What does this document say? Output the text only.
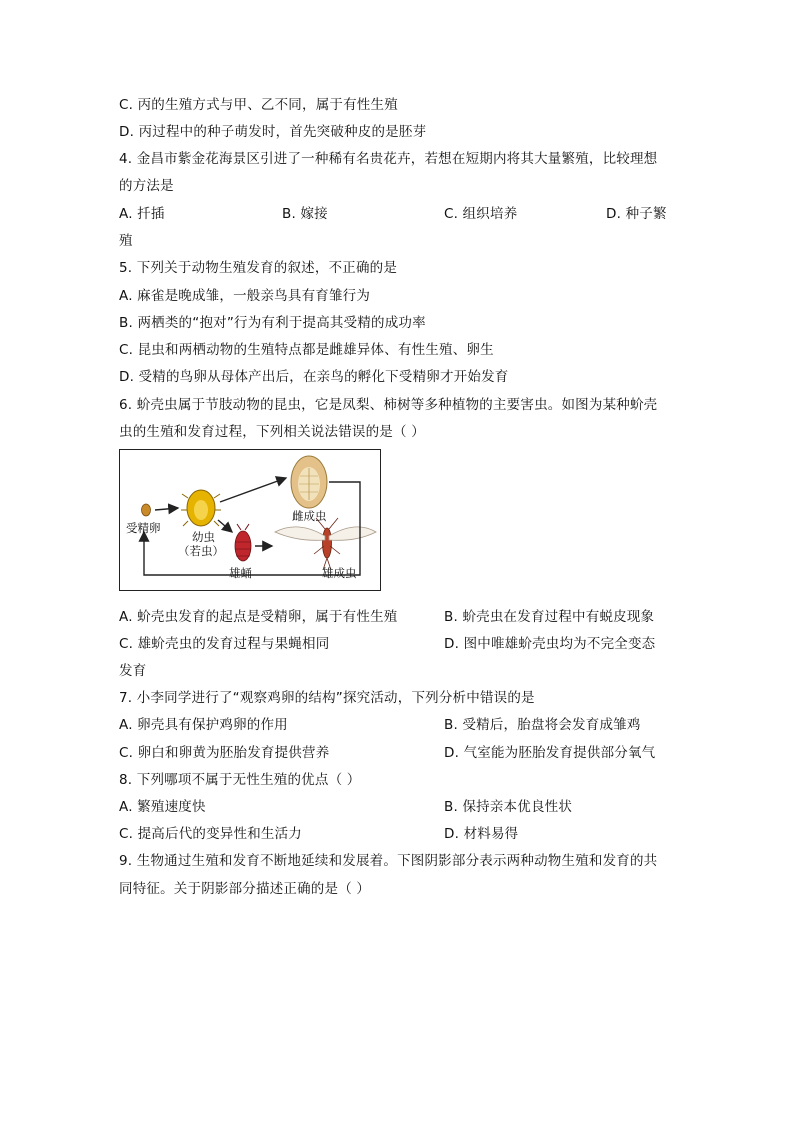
C. 丙的生殖方式与甲、乙不同，属于有性生殖
D. 丙过程中的种子萌发时，首先突破种皮的是胚芽
4. 金昌市紫金花海景区引进了一种稀有名贵花卉，若想在短期内将其大量繁殖，比较理想
的方法是
A. 扦插	B. 嫁接	C. 组织培养	D. 种子繁
殖
5. 下列关于动物生殖发育的叙述，不正确的是
A. 麻雀是晚成雏，一般亲鸟具有育雏行为
B. 两栖类的“抱对”行为有利于提高其受精的成功率
C. 昆虫和两栖动物的生殖特点都是雌雄异体、有性生殖、卵生
D. 受精的鸟卵从母体产出后，在亲鸟的孵化下受精卵才开始发育
6. 蚧壳虫属于节肢动物的昆虫，它是凤梨、柿树等多种植物的主要害虫。如图为某种蚧壳
虫的生殖和发育过程，下列相关说法错误的是（ ）
受精卵
幼虫
（若虫）
雄蛹
雌成虫
雄成虫
A. 蚧壳虫发育的起点是受精卵，属于有性生殖	B. 蚧壳虫在发育过程中有蜕皮现象
C. 雄蚧壳虫的发育过程与果蝇相同	D. 图中唯雄蚧壳虫均为不完全变态
发育
7. 小李同学进行了“观察鸡卵的结构”探究活动，下列分析中错误的是
A. 卵壳具有保护鸡卵的作用	B. 受精后，胎盘将会发育成雏鸡
C. 卵白和卵黄为胚胎发育提供营养	D. 气室能为胚胎发育提供部分氧气
8. 下列哪项不属于无性生殖的优点（ ）
A. 繁殖速度快	B. 保持亲本优良性状
C. 提高后代的变异性和生活力	D. 材料易得
9. 生物通过生殖和发育不断地延续和发展着。下图阴影部分表示两种动物生殖和发育的共
同特征。关于阴影部分描述正确的是（ ）
